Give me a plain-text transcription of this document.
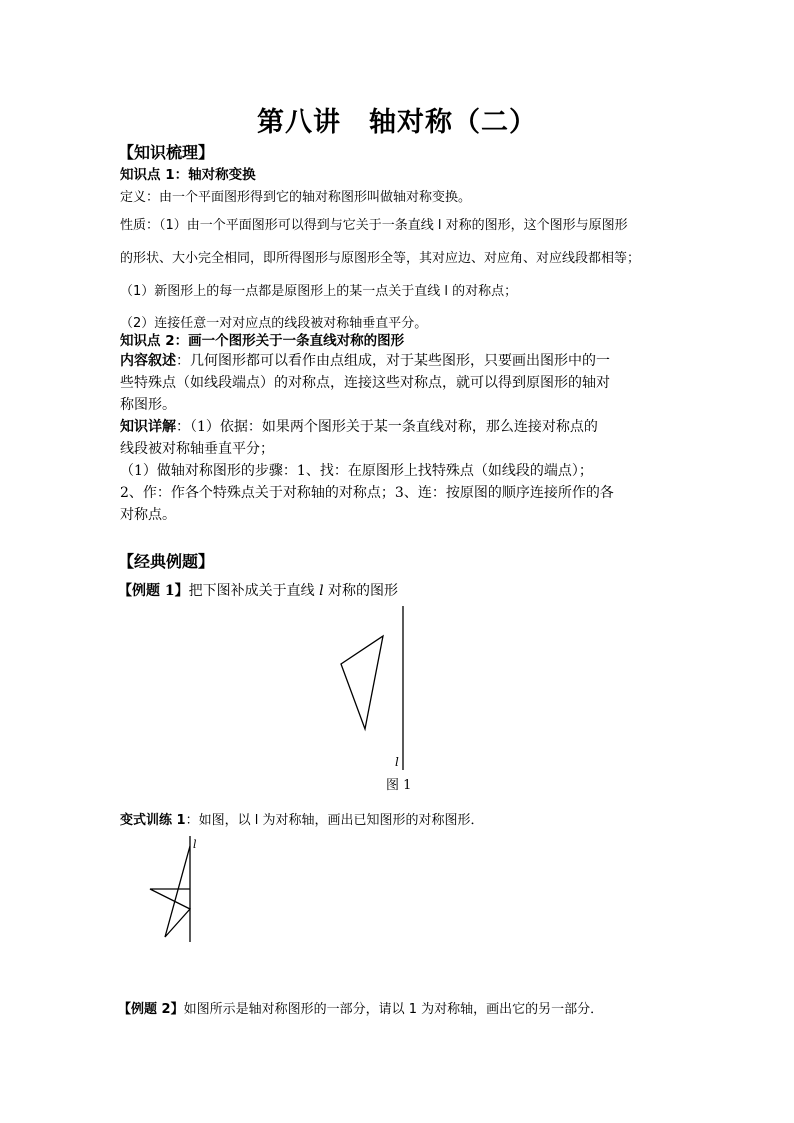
第八讲　轴对称（二）
【知识梳理】
知识点 1：轴对称变换
定义：由一个平面图形得到它的轴对称图形叫做轴对称变换。
性质：（1）由一个平面图形可以得到与它关于一条直线 l 对称的图形，这个图形与原图形
的形状、大小完全相同，即所得图形与原图形全等，其对应边、对应角、对应线段都相等；
（1）新图形上的每一点都是原图形上的某一点关于直线 l 的对称点；
（2）连接任意一对对应点的线段被对称轴垂直平分。
知识点 2：画一个图形关于一条直线对称的图形
内容叙述：几何图形都可以看作由点组成，对于某些图形，只要画出图形中的一
些特殊点（如线段端点）的对称点，连接这些对称点，就可以得到原图形的轴对
称图形。
知识详解：（1）依据：如果两个图形关于某一条直线对称，那么连接对称点的
线段被对称轴垂直平分；
（1）做轴对称图形的步骤：1、找：在原图形上找特殊点（如线段的端点）；
2、作：作各个特殊点关于对称轴的对称点；3、连：按原图的顺序连接所作的各
对称点。
【经典例题】
【例题 1】把下图补成关于直线 l 对称的图形
l
图 1
变式训练 1：如图，以 l 为对称轴，画出已知图形的对称图形．
l
【例题 2】如图所示是轴对称图形的一部分，请以 1 为对称轴，画出它的另一部分．
